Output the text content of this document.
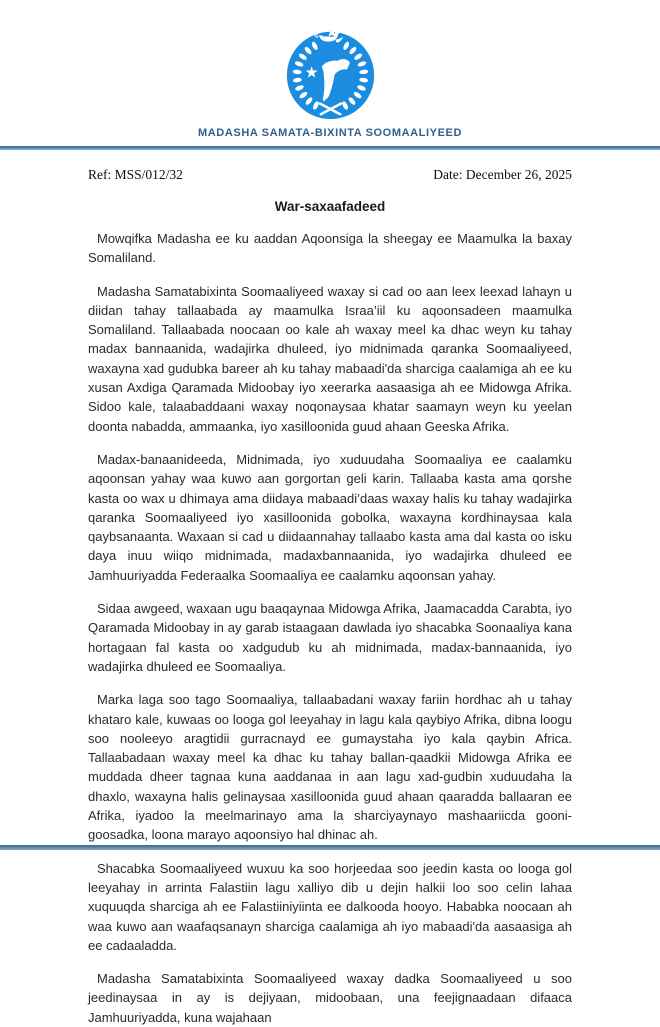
MADASHA SAMATA-BIXINTA SOOMAALIYEED
Ref: MSS/012/32	Date: December 26, 2025
War-saxaafadeed

Mowqifka Madasha ee ku aaddan Aqoonsiga la sheegay ee Maamulka la baxay Somaliland.

Madasha Samatabixinta Soomaaliyeed waxay si cad oo aan leex leexad lahayn u diidan tahay tallaabada ay maamulka Israa’iil ku aqoonsadeen maamulka Somaliland. Tallaabada noocaan oo kale ah waxay meel ka dhac weyn ku tahay madax bannaanida, wadajirka dhuleed, iyo midnimada qaranka Soomaaliyeed, waxayna xad gudubka bareer ah ku tahay mabaadi'da sharciga caalamiga ah ee ku xusan Axdiga Qaramada Midoobay iyo xeerarka aasaasiga ah ee Midowga Afrika. Sidoo kale, talaabaddaani waxay noqonaysaa khatar saamayn weyn ku yeelan doonta nabadda, ammaanka, iyo xasilloonida guud ahaan Geeska Afrika.

Madax-banaanideeda, Midnimada, iyo xuduudaha Soomaaliya ee caalamku aqoonsan yahay waa kuwo aan gorgortan geli karin. Tallaaba kasta ama qorshe kasta oo wax u dhimaya ama diidaya mabaadi’daas waxay halis ku tahay wadajirka qaranka Soomaaliyeed iyo xasilloonida gobolka, waxayna kordhinaysaa kala qaybsanaanta. Waxaan si cad u diidaannahay tallaabo kasta ama dal kasta oo isku daya inuu wiiqo midnimada, madaxbannaanida, iyo wadajirka dhuleed ee Jamhuuriyadda Federaalka Soomaaliya ee caalamku aqoonsan yahay.

Sidaa awgeed, waxaan ugu baaqaynaa Midowga Afrika, Jaamacadda Carabta, iyo Qaramada Midoobay in ay garab istaagaan dawlada iyo shacabka Soonaaliya kana hortagaan fal kasta oo xadgudub ku ah midnimada, madax-bannaanida, iyo wadajirka dhuleed ee Soomaaliya.

Marka laga soo tago Soomaaliya, tallaabadani waxay fariin hordhac ah u tahay khataro kale, kuwaas oo looga gol leeyahay in lagu kala qaybiyo Afrika, dibna loogu soo nooleeyo aragtidii gurracnayd ee gumaystaha iyo kala qaybin Africa. Tallaabadaan waxay meel ka dhac ku tahay ballan-qaadkii Midowga Afrika ee muddada dheer tagnaa kuna aaddanaa in aan lagu xad-gudbin xuduudaha la dhaxlo, waxayna halis gelinaysaa xasilloonida guud ahaan qaaradda ballaaran ee Afrika, iyadoo la meelmarinayo ama la sharciyaynayo mashaariicda gooni-goosadka, loona marayo aqoonsiyo hal dhinac ah.

Shacabka Soomaaliyeed wuxuu ka soo horjeedaa soo jeedin kasta oo looga gol leeyahay in arrinta Falastiin lagu xalliyo dib u dejin halkii loo soo celin lahaa xuquuqda sharciga ah ee Falastiiniyiinta ee dalkooda hooyo. Hababka noocaan ah waa kuwo aan waafaqsanayn sharciga caalamiga ah iyo mabaadi'da aasaasiga ah ee cadaaladda.

Madasha Samatabixinta Soomaaliyeed waxay dadka Soomaaliyeed u soo jeedinaysaa in ay is dejiyaan, midoobaan, una feejignaadaan difaaca Jamhuuriyadda, kuna wajahaan
